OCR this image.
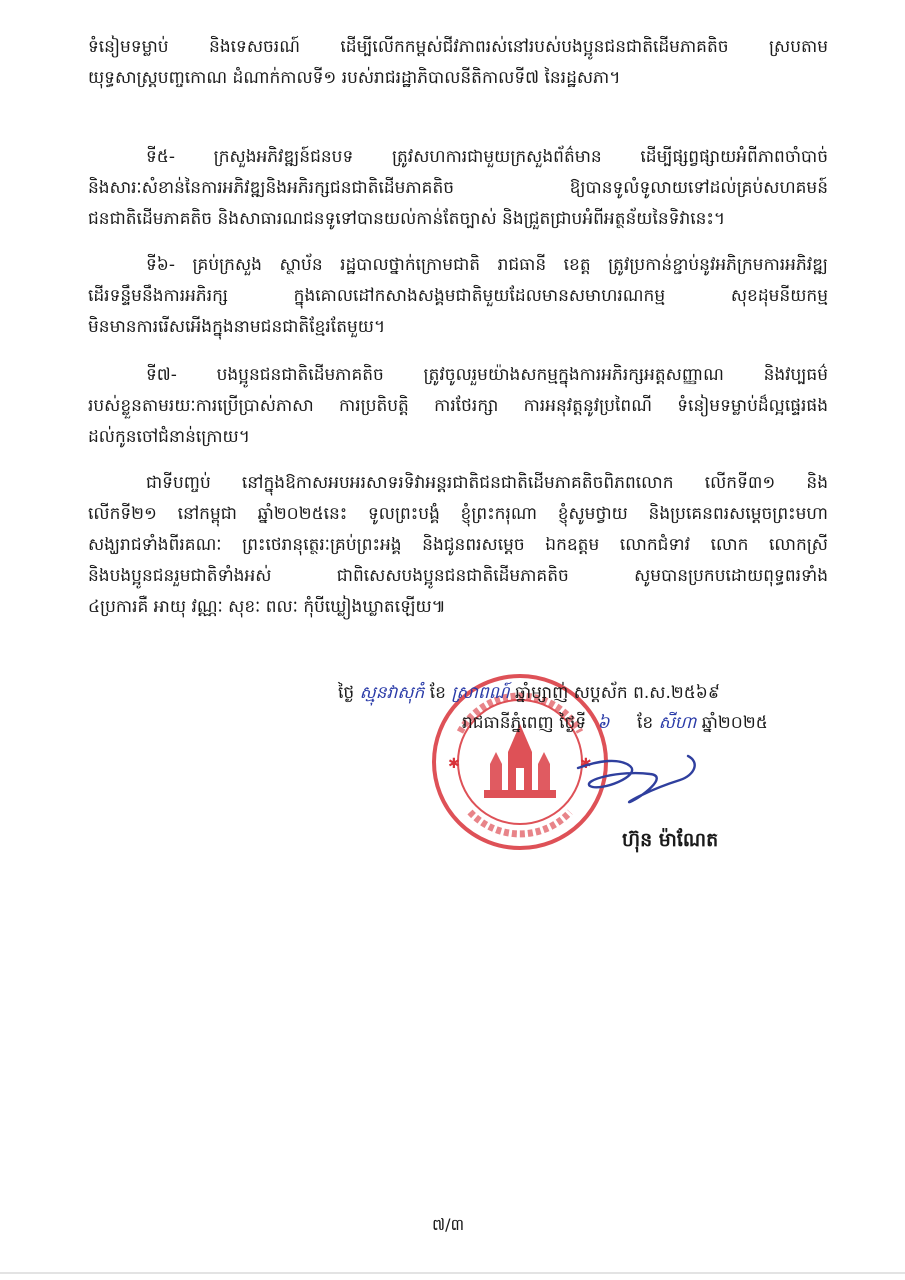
ទំនៀមទម្លាប់ និងទេសចរណ៍ ដើម្បីលើកកម្ពស់ជីវភាពរស់នៅរបស់បងប្អូនជនជាតិដើមភាគតិច ស្របតាម
យុទ្ធសាស្ត្របញ្ចកោណ ដំណាក់កាលទី១ របស់រាជរដ្ឋាភិបាលនីតិកាលទី៧ នៃរដ្ឋសភា។

ទី៥- ក្រសួងអភិវឌ្ឍន៍ជនបទ ត្រូវសហការជាមួយក្រសួងព័ត៌មាន ដើម្បីផ្សព្វផ្សាយអំពីភាពចាំបាច់
និងសារៈសំខាន់នៃការអភិវឌ្ឍនិងអភិរក្សជនជាតិដើមភាគតិច ឱ្យបានទូលំទូលាយទៅដល់គ្រប់សហគមន៍
ជនជាតិដើមភាគតិច និងសាធារណជនទូទៅបានយល់កាន់តែច្បាស់ និងជ្រួតជ្រាបអំពីអត្ថន័យនៃទិវានេះ។

ទី៦- គ្រប់ក្រសួង ស្ថាប័ន រដ្ឋបាលថ្នាក់ក្រោមជាតិ រាជធានី ខេត្ត ត្រូវប្រកាន់ខ្ជាប់នូវអភិក្រមការអភិវឌ្ឍ
ដើរទន្ទឹមនឹងការអភិរក្ស ក្នុងគោលដៅកសាងសង្គមជាតិមួយដែលមានសមាហរណកម្ម សុខដុមនីយកម្ម
មិនមានការរើសអើងក្នុងនាមជនជាតិខ្មែរតែមួយ។

ទី៧- បងប្អូនជនជាតិដើមភាគតិច ត្រូវចូលរួមយ៉ាងសកម្មក្នុងការអភិរក្សអត្តសញ្ញាណ និងវប្បធម៌
របស់ខ្លួនតាមរយៈការប្រើប្រាស់ភាសា ការប្រតិបត្តិ ការថែរក្សា ការអនុវត្តនូវប្រពៃណី ទំនៀមទម្លាប់ដ៏ល្អផ្ទេរផង
ដល់កូនចៅជំនាន់ក្រោយ។

ជាទីបញ្ចប់ នៅក្នុងឱកាសអបអរសាទរទិវាអន្តរជាតិជនជាតិដើមភាគតិចពិភពលោក លើកទី៣១ និង
លើកទី២១ នៅកម្ពុជា ឆ្នាំ២០២៥នេះ ទូលព្រះបង្គំ ខ្ញុំព្រះករុណា ខ្ញុំសូមថ្វាយ និងប្រគេនពរសម្ដេចព្រះមហា
សង្ឃរាជទាំងពីរគណៈ ព្រះថេរានុត្ថេរៈគ្រប់ព្រះអង្គ និងជូនពរសម្ដេច ឯកឧត្ដម លោកជំទាវ លោក លោកស្រី
និងបងប្អូនជនរួមជាតិទាំងអស់ ជាពិសេសបងប្អូនជនជាតិដើមភាគតិច សូមបានប្រកបដោយពុទ្ធពរទាំង
៤ប្រការគឺ អាយុ វណ្ណៈ សុខៈ ពលៈ កុំបីឃ្លៀងឃ្លាតឡើយ៕

✱	✱
ថ្ងៃ ស្មុនវាសុកំ ខែ ស្រាពណ៍ ឆ្នាំម្សាញ់ សប្តស័ក ព.ស.២៥៦៩
រាជធានីភ្នំពេញ ថ្ងៃទី ៦ ខែ សីហា ឆ្នាំ២០២៥
ហ៊ុន ម៉ាណែត
៧/៣
